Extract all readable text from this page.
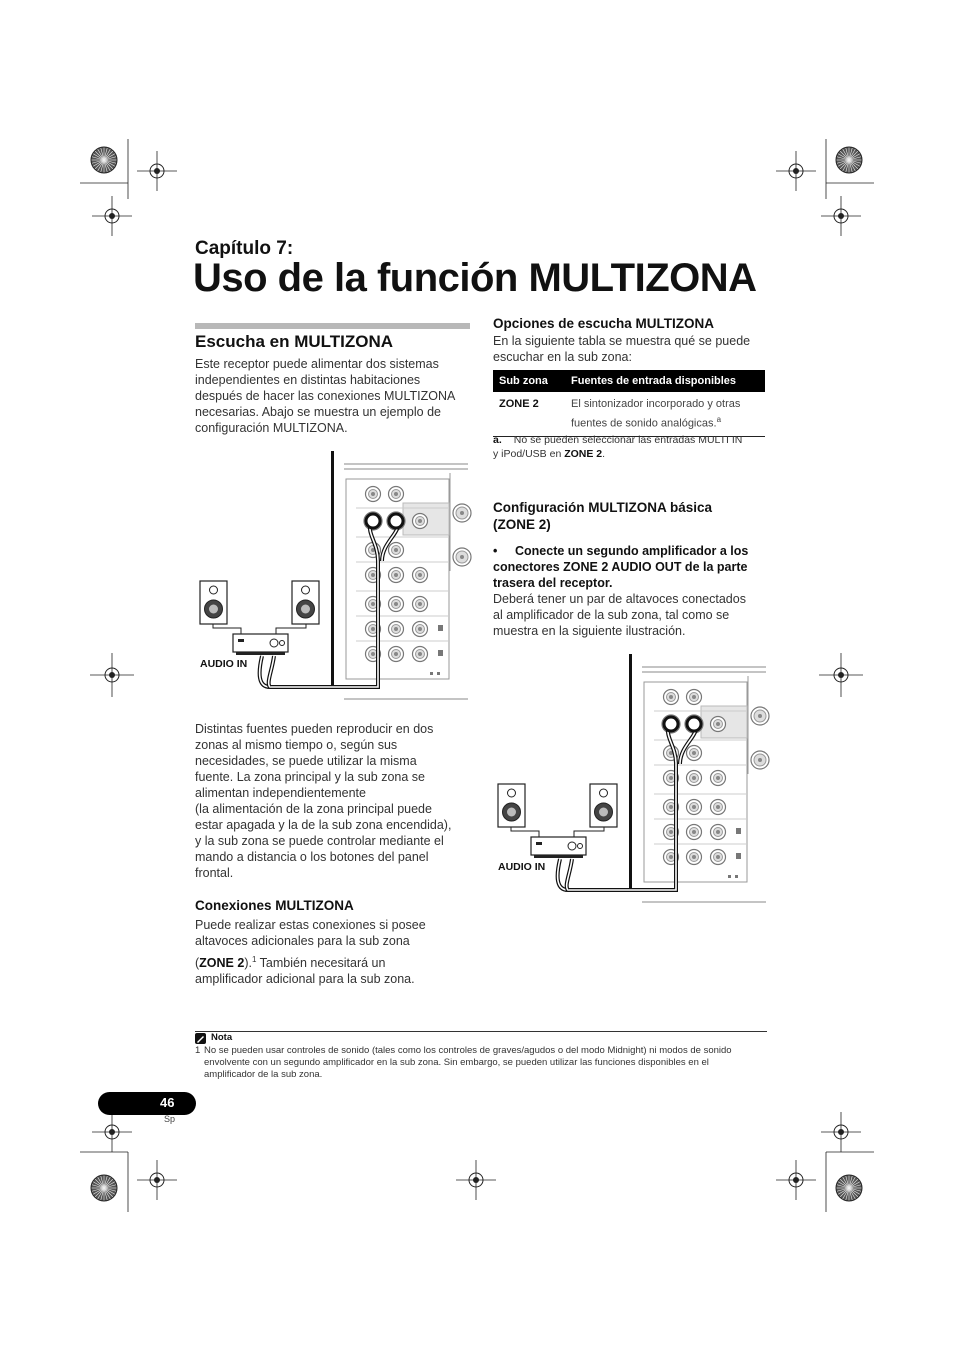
Capítulo 7:
Uso de la función MULTIZONA
Escucha en MULTIZONA
Este receptor puede alimentar dos sistemas
independientes en distintas habitaciones
después de hacer las conexiones MULTIZONA
necesarias. Abajo se muestra un ejemplo de
configuración MULTIZONA.
AUDIO IN
Distintas fuentes pueden reproducir en dos
zonas al mismo tiempo o, según sus
necesidades, se puede utilizar la misma
fuente. La zona principal y la sub zona se
alimentan independientemente
(la alimentación de la zona principal puede
estar apagada y la de la sub zona encendida),
y la sub zona se puede controlar mediante el
mando a distancia o los botones del panel
frontal.
Conexiones MULTIZONA
Puede realizar estas conexiones si posee
altavoces adicionales para la sub zona
(ZONE 2).$^1$ También necesitará un
amplificador adicional para la sub zona.
Opciones de escucha MULTIZONA
En la siguiente tabla se muestra qué se puede
escuchar en la sub zona:
Sub zona	Fuentes de entrada disponibles
ZONE 2	El sintonizador incorporado y otras
fuentes de sonido analógicas.$^a$
a. No se pueden seleccionar las entradas MULTI IN
y iPod/USB en ZONE 2.
Configuración MULTIZONA básica
(ZONE 2)
•	Conecte un segundo amplificador a los
conectores ZONE 2 AUDIO OUT de la parte
trasera del receptor.
Deberá tener un par de altavoces conectados
al amplificador de la sub zona, tal como se
muestra en la siguiente ilustración.
AUDIO IN
Nota
1 No se pueden usar controles de sonido (tales como los controles de graves/agudos o del modo Midnight) ni modos de sonido
envolvente con un segundo amplificador en la sub zona. Sin embargo, se pueden utilizar las funciones disponibles en el
amplificador de la sub zona.
46
Sp
